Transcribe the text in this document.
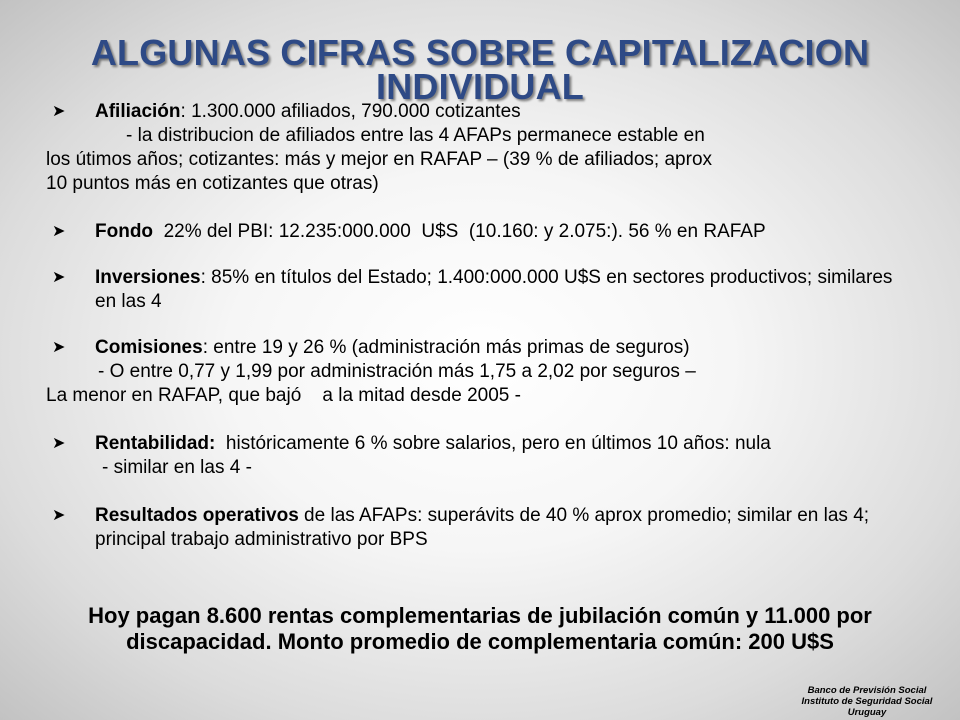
ALGUNAS CIFRAS SOBRE CAPITALIZACION INDIVIDUAL

➤ Afiliación: 1.300.000 afiliados, 790.000 cotizantes

- la distribucion de afiliados entre las 4 AFAPs permanece estable en

los útimos años; cotizantes: más y mejor en RAFAP – (39 % de afiliados; aprox

10 puntos más en cotizantes que otras)

➤ Fondo  22% del PBI: 12.235:000.000  U$S  (10.160: y 2.075:). 56 % en RAFAP

➤ Inversiones: 85% en títulos del Estado; 1.400:000.000 U$S en sectores productivos; similares en las 4

➤ Comisiones: entre 19 y 26 % (administración más primas de seguros)

- O entre 0,77 y 1,99 por administración más 1,75 a 2,02 por seguros –

La menor en RAFAP, que bajó    a la mitad desde 2005 -

➤ Rentabilidad:  históricamente 6 % sobre salarios, pero en últimos 10 años: nula

- similar en las 4 -

➤ Resultados operativos de las AFAPs: superávits de 40 % aprox promedio; similar en las 4; principal trabajo administrativo por BPS

Hoy pagan 8.600 rentas complementarias de jubilación común y 11.000 por discapacidad. Monto promedio de complementaria común: 200 U$S

Banco de Previsión Social
Instituto de Seguridad Social
Uruguay
